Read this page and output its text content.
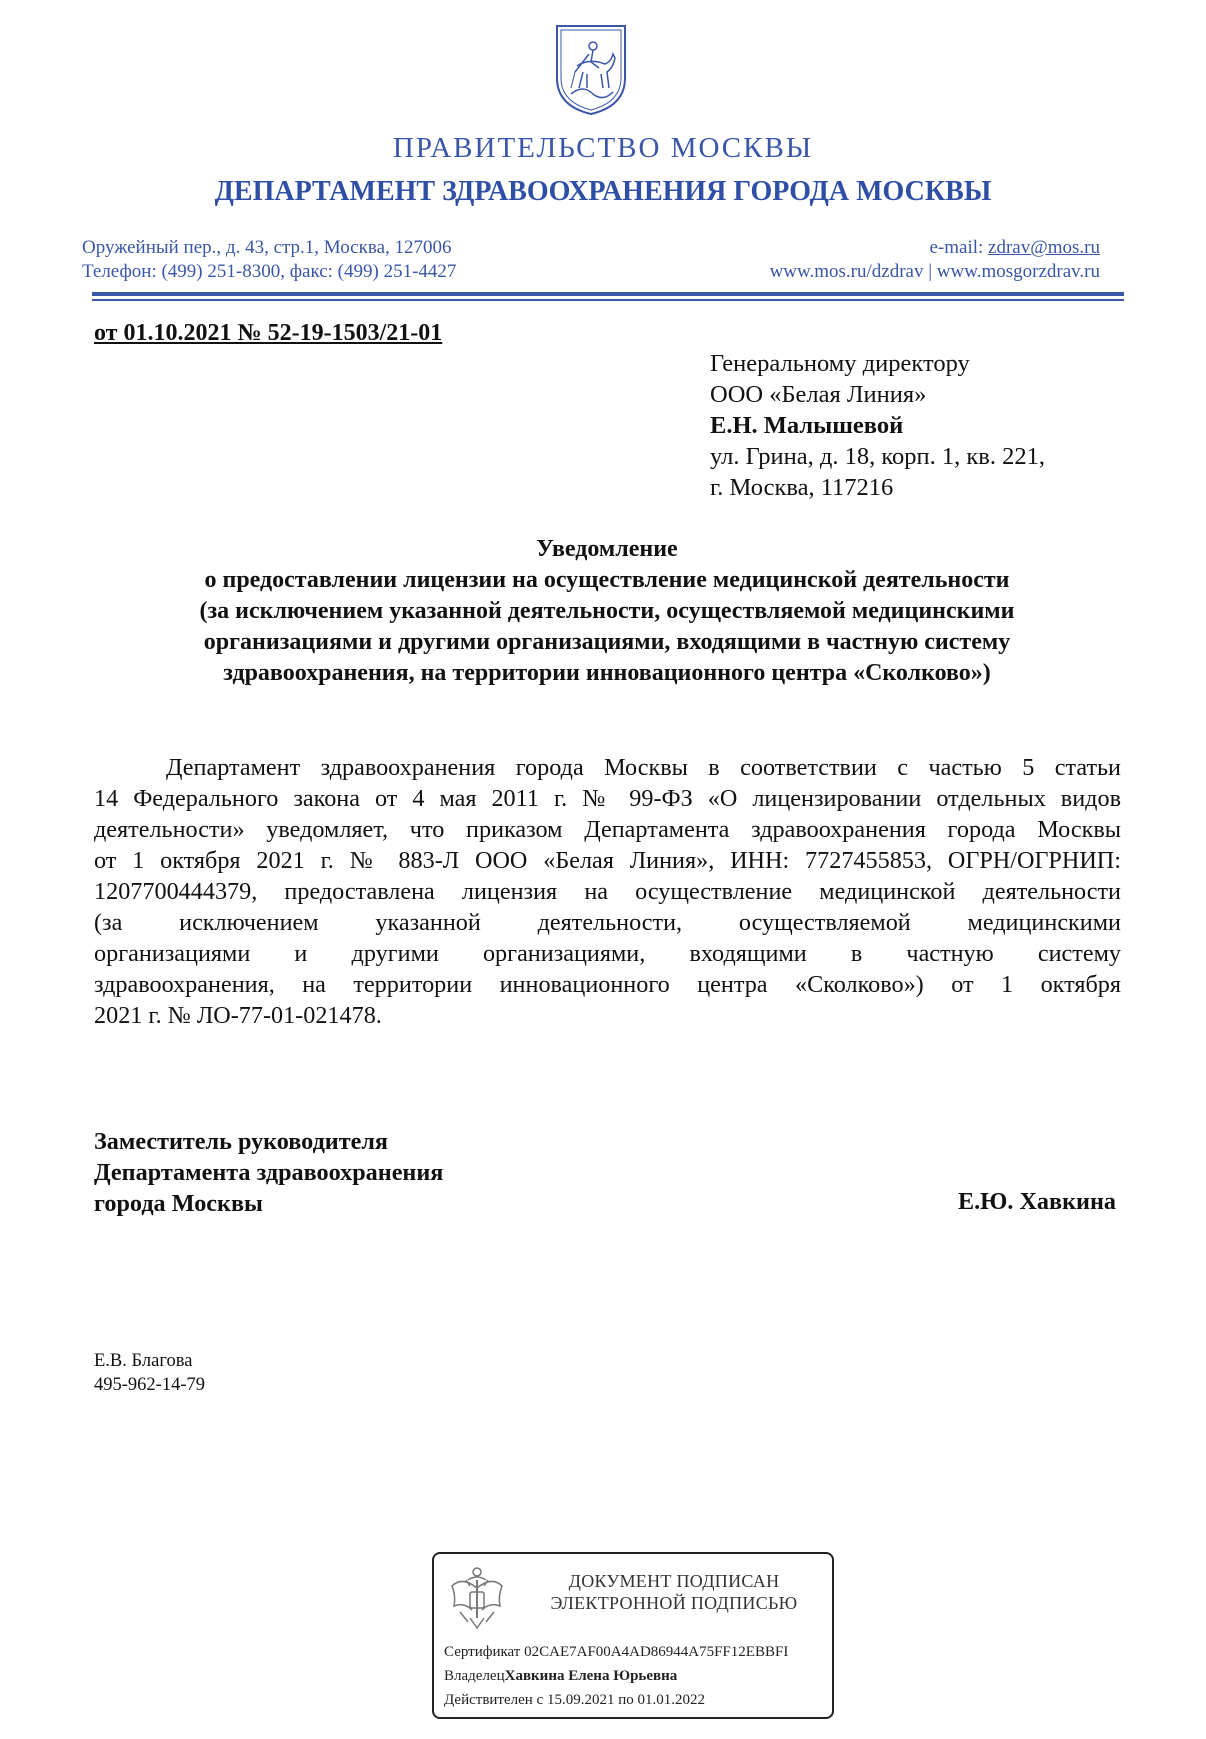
ПРАВИТЕЛЬСТВО МОСКВЫ
ДЕПАРТАМЕНТ ЗДРАВООХРАНЕНИЯ ГОРОДА МОСКВЫ
Оружейный пер., д. 43, стр.1, Москва, 127006
Телефон: (499) 251-8300, факс: (499) 251-4427
e-mail: zdrav@mos.ru
www.mos.ru/dzdrav | www.mosgorzdrav.ru
от 01.10.2021 № 52-19-1503/21-01
Генеральному директору
ООО «Белая Линия»
Е.Н. Малышевой
ул. Грина, д. 18, корп. 1, кв. 221,
г. Москва, 117216
Уведомление
о предоставлении лицензии на осуществление медицинской деятельности
(за исключением указанной деятельности, осуществляемой медицинскими
организациями и другими организациями, входящими в частную систему
здравоохранения, на территории инновационного центра «Сколково»)
Департамент здравоохранения города Москвы в соответствии с частью 5 статьи
14 Федерального закона от 4 мая 2011 г. № 99-ФЗ «О лицензировании отдельных видов
деятельности» уведомляет, что приказом Департамента здравоохранения города Москвы
от 1 октября 2021 г. № 883-Л ООО «Белая Линия», ИНН: 7727455853, ОГРН/ОГРНИП:
1207700444379, предоставлена лицензия на осуществление медицинской деятельности
(за исключением указанной деятельности, осуществляемой медицинскими
организациями и другими организациями, входящими в частную систему
здравоохранения, на территории инновационного центра «Сколково») от 1 октября
2021 г. № ЛО-77-01-021478.
Заместитель руководителя
Департамента здравоохранения
города Москвы	Е.Ю. Хавкина
Е.В. Благова
495-962-14-79
ДОКУМЕНТ ПОДПИСАН
ЭЛЕКТРОННОЙ ПОДПИСЬЮ
Сертификат 02CAE7AF00A4AD86944A75FF12EBBFI
ВладелецХавкина Елена Юрьевна
Действителен с 15.09.2021 по 01.01.2022
